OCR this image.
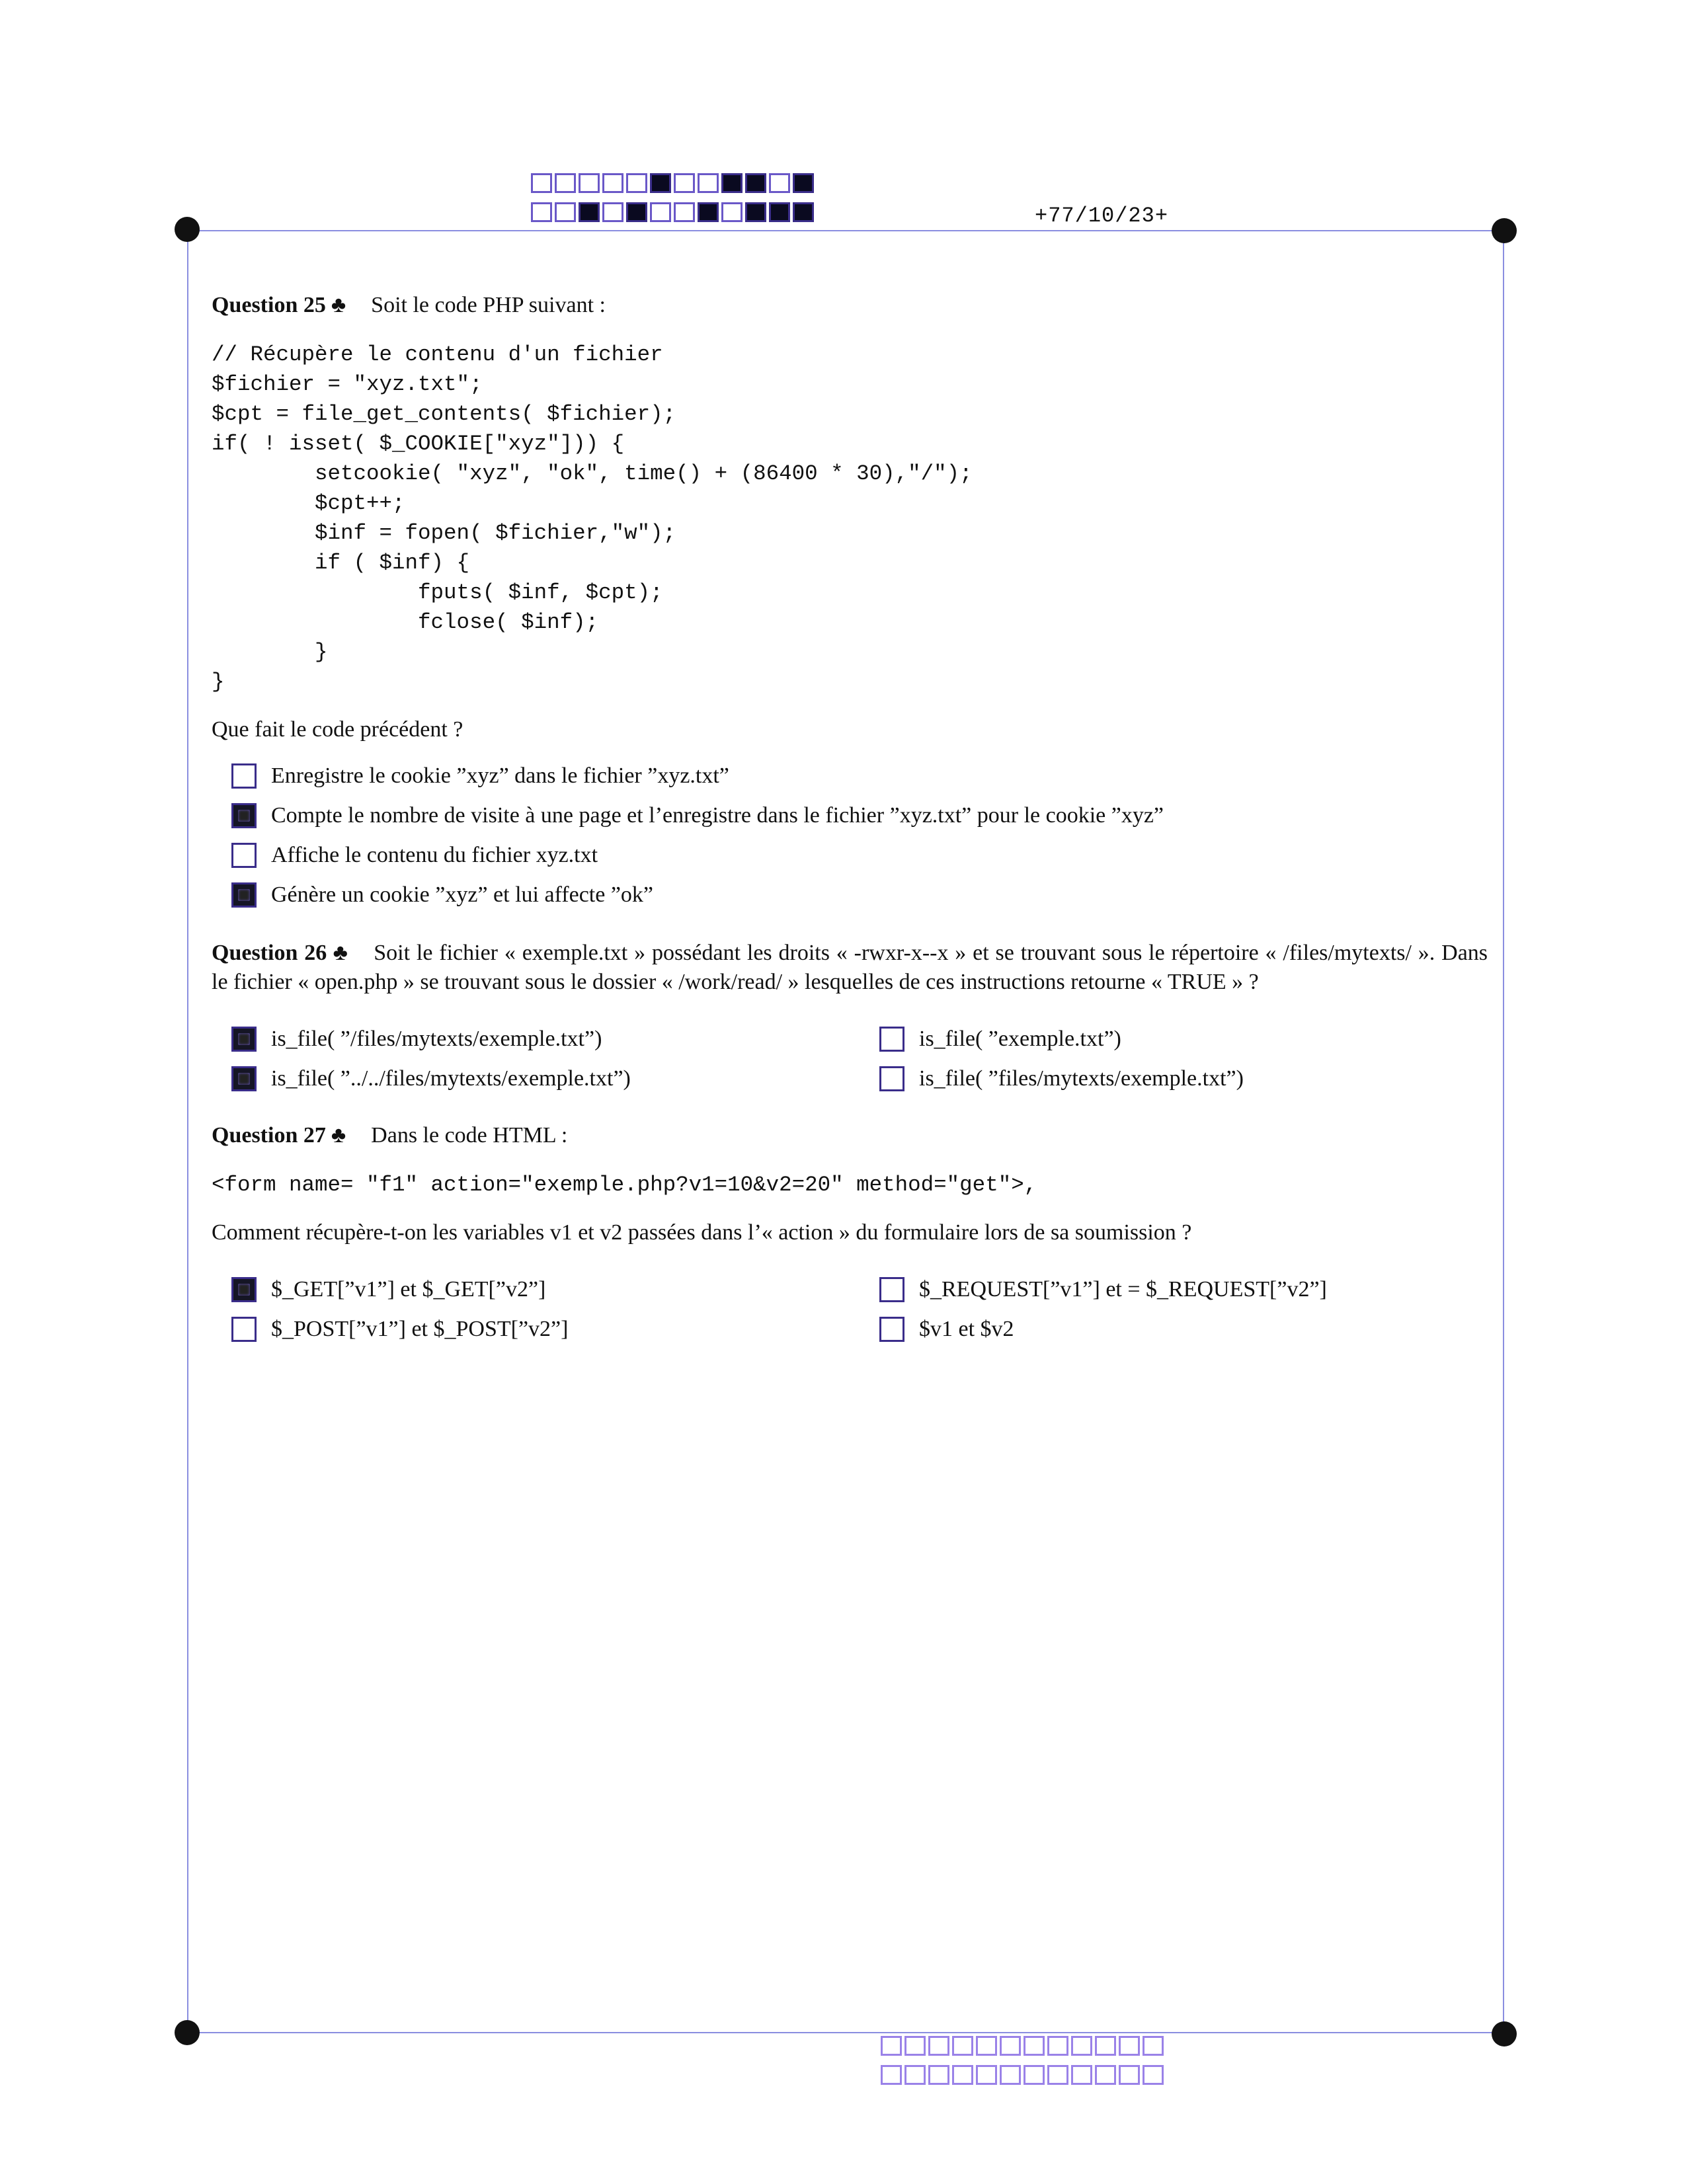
+77/10/23+

Question 25 ♣ Soit le code PHP suivant :

// Récupère le contenu d'un fichier
$fichier = "xyz.txt";
$cpt = file_get_contents( $fichier);
if( ! isset( $_COOKIE["xyz"])) {
setcookie( "xyz", "ok", time() + (86400 * 30),"/");
$cpt++;
$inf = fopen( $fichier,"w");
if ( $inf) {
fputs( $inf, $cpt);
fclose( $inf);
}
}

Que fait le code précédent ?

Enregistre le cookie ”xyz” dans le fichier ”xyz.txt”
Compte le nombre de visite à une page et l’enregistre dans le fichier ”xyz.txt” pour le cookie ”xyz”
Affiche le contenu du fichier xyz.txt
Génère un cookie ”xyz” et lui affecte ”ok”

Question 26 ♣ Soit le fichier « exemple.txt » possédant les droits « -rwxr-x--x » et se trouvant sous le répertoire « /files/mytexts/ ». Dans le fichier « open.php » se trouvant sous le dossier « /work/read/ » lesquelles de ces instructions retourne « TRUE » ?

is_file( ”/files/mytexts/exemple.txt”)	is_file( ”exemple.txt”)
is_file( ”../../files/mytexts/exemple.txt”)	is_file( ”files/mytexts/exemple.txt”)

Question 27 ♣ Dans le code HTML :

<form name= "f1" action="exemple.php?v1=10&v2=20" method="get">,

Comment récupère-t-on les variables v1 et v2 passées dans l’« action » du formulaire lors de sa soumission ?

$_GET[”v1”] et $_GET[”v2”]	$_REQUEST[”v1”] et = $_REQUEST[”v2”]
$_POST[”v1”] et $_POST[”v2”]	$v1 et $v2
